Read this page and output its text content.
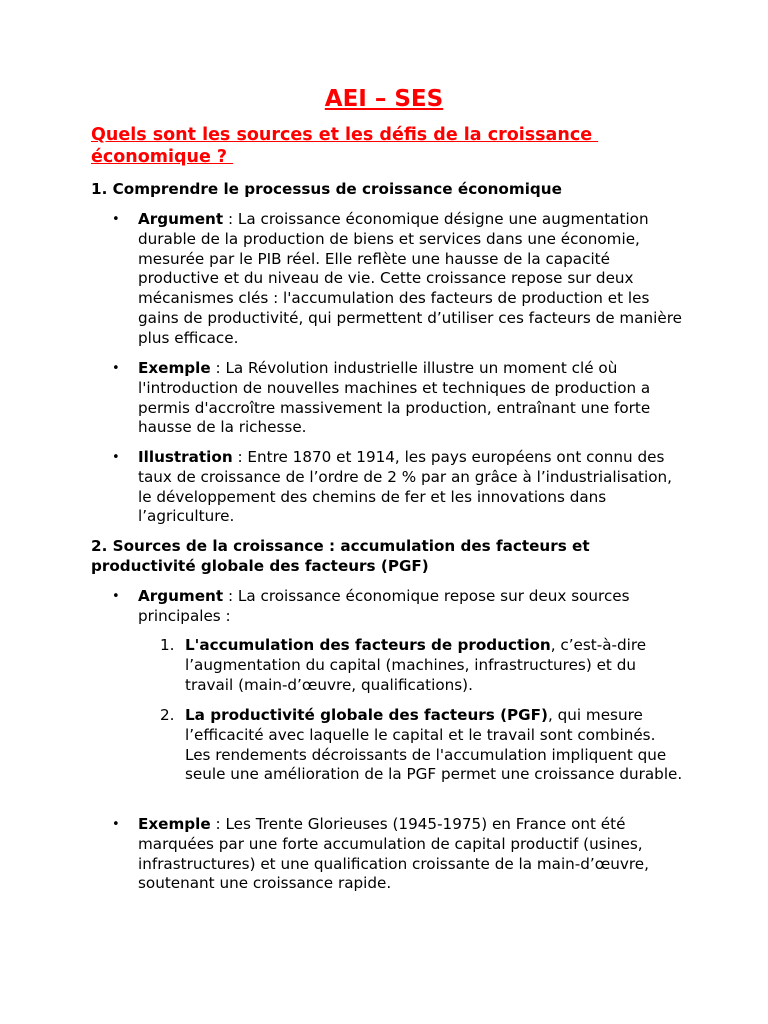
AEI – SES
Quels sont les sources et les défis de la croissance économique ?
1. Comprendre le processus de croissance économique
• Argument : La croissance économique désigne une augmentation durable de la production de biens et services dans une économie, mesurée par le PIB réel. Elle reflète une hausse de la capacité productive et du niveau de vie. Cette croissance repose sur deux mécanismes clés : l'accumulation des facteurs de production et les gains de productivité, qui permettent d’utiliser ces facteurs de manière plus efficace.
• Exemple : La Révolution industrielle illustre un moment clé où l'introduction de nouvelles machines et techniques de production a permis d'accroître massivement la production, entraînant une forte hausse de la richesse.
• Illustration : Entre 1870 et 1914, les pays européens ont connu des taux de croissance de l’ordre de 2 % par an grâce à l’industrialisation, le développement des chemins de fer et les innovations dans l’agriculture.
2. Sources de la croissance : accumulation des facteurs et productivité globale des facteurs (PGF)
• Argument : La croissance économique repose sur deux sources principales :
1. L'accumulation des facteurs de production, c’est-à-dire l’augmentation du capital (machines, infrastructures) et du travail (main-d’œuvre, qualifications).
2. La productivité globale des facteurs (PGF), qui mesure l’efficacité avec laquelle le capital et le travail sont combinés. Les rendements décroissants de l'accumulation impliquent que seule une amélioration de la PGF permet une croissance durable.
• Exemple : Les Trente Glorieuses (1945-1975) en France ont été marquées par une forte accumulation de capital productif (usines, infrastructures) et une qualification croissante de la main-d’œuvre, soutenant une croissance rapide.
